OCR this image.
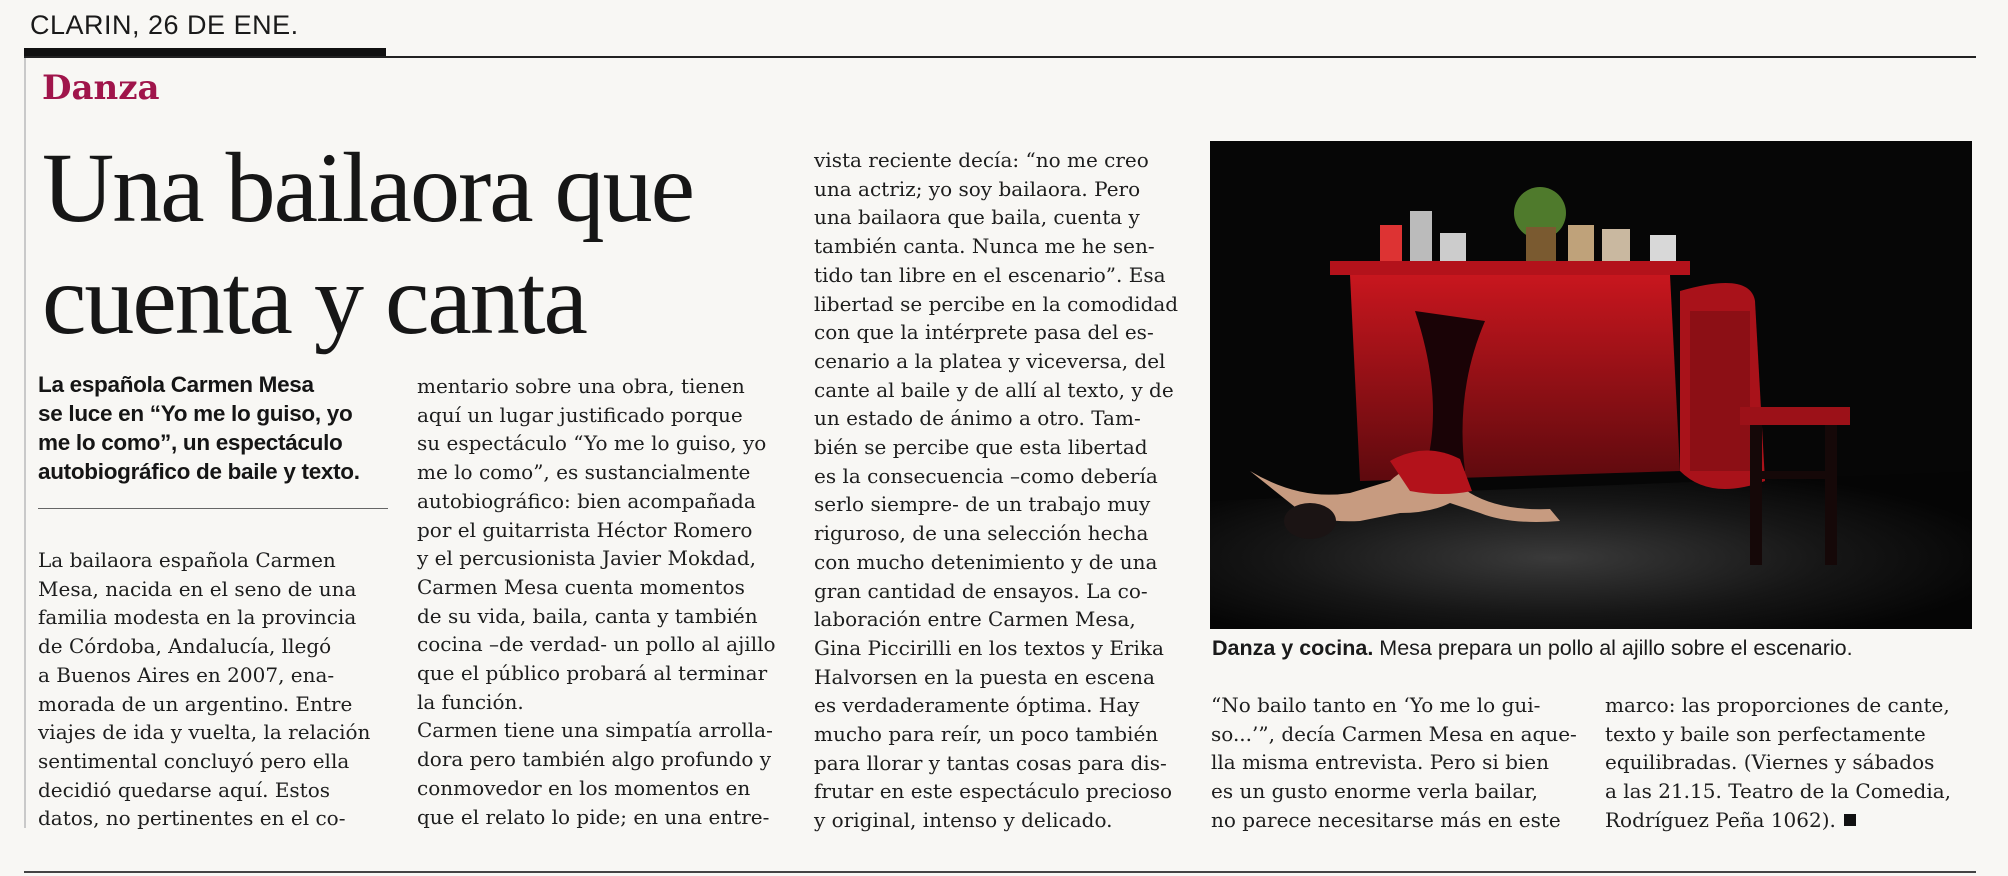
CLARIN, 26 DE ENE.
Danza
Una bailaora que
cuenta y canta
La española Carmen Mesa
se luce en “Yo me lo guiso, yo
me lo como”, un espectáculo
autobiográfico de baile y texto.
La bailaora española Carmen
Mesa, nacida en el seno de una
familia modesta en la provincia
de Córdoba, Andalucía, llegó
a Buenos Aires en 2007, ena-
morada de un argentino. Entre
viajes de ida y vuelta, la relación
sentimental concluyó pero ella
decidió quedarse aquí. Estos
datos, no pertinentes en el co-
mentario sobre una obra, tienen
aquí un lugar justificado porque
su espectáculo “Yo me lo guiso, yo
me lo como”, es sustancialmente
autobiográfico: bien acompañada
por el guitarrista Héctor Romero
y el percusionista Javier Mokdad,
Carmen Mesa cuenta momentos
de su vida, baila, canta y también
cocina –de verdad- un pollo al ajillo
que el público probará al terminar
la función.
Carmen tiene una simpatía arrolla-
dora pero también algo profundo y
conmovedor en los momentos en
que el relato lo pide; en una entre-
vista reciente decía: “no me creo
una actriz; yo soy bailaora. Pero
una bailaora que baila, cuenta y
también canta. Nunca me he sen-
tido tan libre en el escenario”. Esa
libertad se percibe en la comodidad
con que la intérprete pasa del es-
cenario a la platea y viceversa, del
cante al baile y de allí al texto, y de
un estado de ánimo a otro. Tam-
bién se percibe que esta libertad
es la consecuencia –como debería
serlo siempre- de un trabajo muy
riguroso, de una selección hecha
con mucho detenimiento y de una
gran cantidad de ensayos. La co-
laboración entre Carmen Mesa,
Gina Piccirilli en los textos y Erika
Halvorsen en la puesta en escena
es verdaderamente óptima. Hay
mucho para reír, un poco también
para llorar y tantas cosas para dis-
frutar en este espectáculo precioso
y original, intenso y delicado.
Danza y cocina. Mesa prepara un pollo al ajillo sobre el escenario.
“No bailo tanto en ‘Yo me lo gui-
so...’”, decía Carmen Mesa en aque-
lla misma entrevista. Pero si bien
es un gusto enorme verla bailar,
no parece necesitarse más en este
marco: las proporciones de cante,
texto y baile son perfectamente
equilibradas. (Viernes y sábados
a las 21.15. Teatro de la Comedia,
Rodríguez Peña 1062).
